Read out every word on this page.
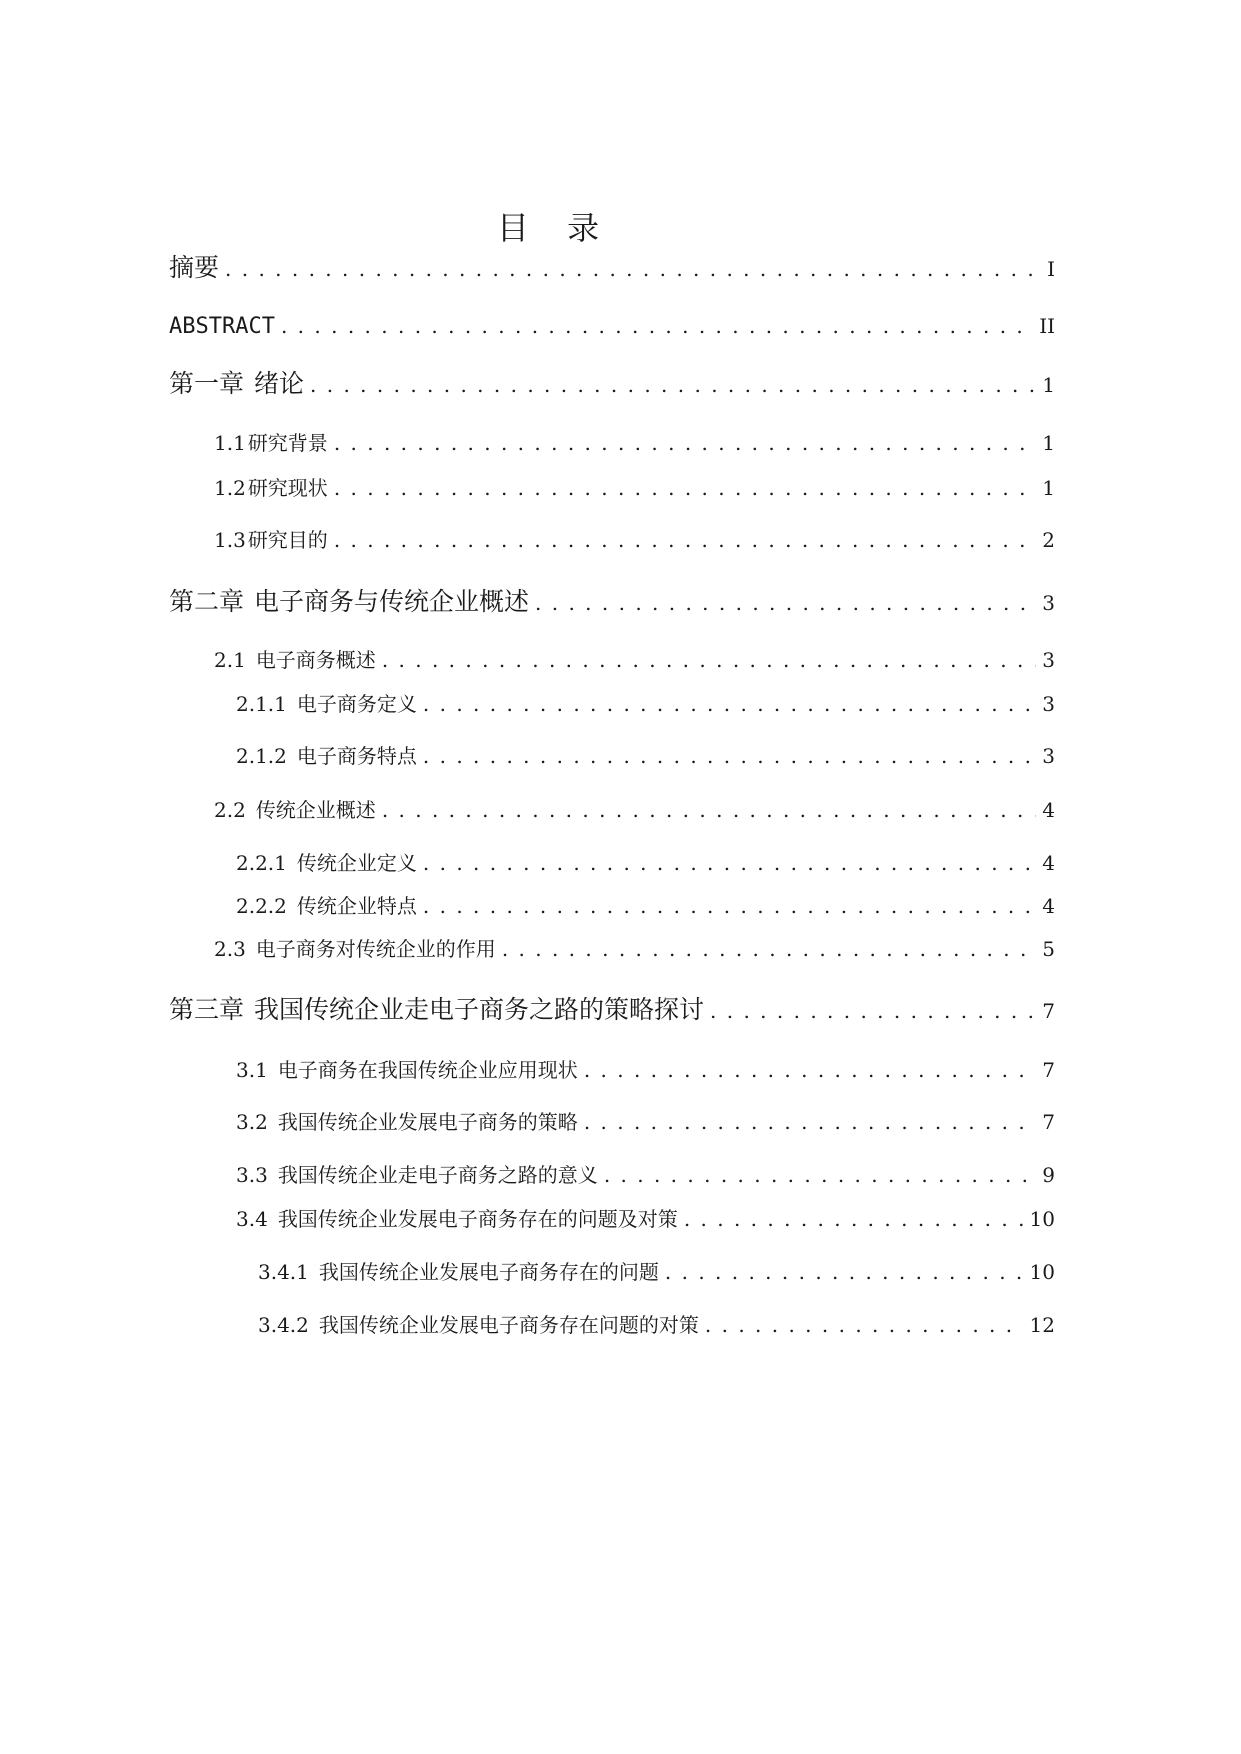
目 录
摘要 . . .	I
ABSTRACT . . .	II
第一章 绪论 . . .	1
1.1 研究背景 . . .	1
1.2 研究现状 . . .	1
1.3 研究目的 . . .	2
第二章 电子商务与传统企业概述 . . .	3
2.1 电子商务概述 . . .	3
2.1.1 电子商务定义 . . .	3
2.1.2 电子商务特点 . . .	3
2.2 传统企业概述 . . .	4
2.2.1 传统企业定义 . . .	4
2.2.2 传统企业特点 . . .	4
2.3 电子商务对传统企业的作用 . . .	5
第三章 我国传统企业走电子商务之路的策略探讨 . . .	7
3.1 电子商务在我国传统企业应用现状 . . .	7
3.2 我国传统企业发展电子商务的策略 . . .	7
3.3 我国传统企业走电子商务之路的意义 . . .	9
3.4 我国传统企业发展电子商务存在的问题及对策 . . .	10
3.4.1 我国传统企业发展电子商务存在的问题 . . .	10
3.4.2 我国传统企业发展电子商务存在问题的对策 . . .	12
